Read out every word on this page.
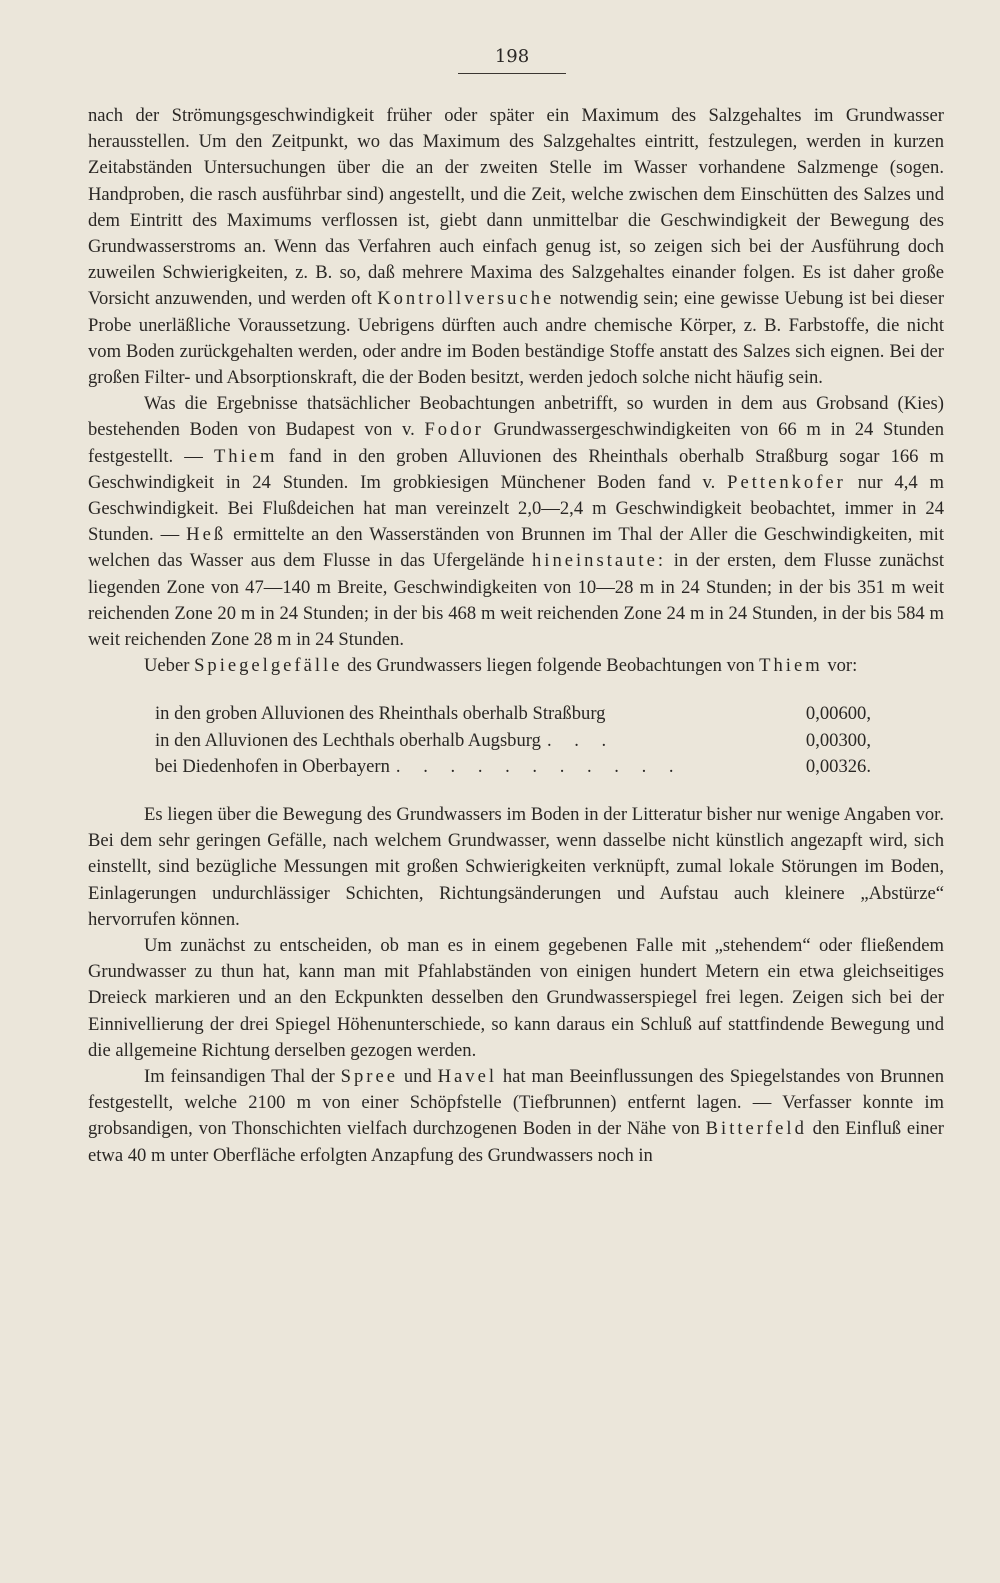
198

nach der Strömungsgeschwindigkeit früher oder später ein Maximum des Salzgehaltes im Grundwasser herausstellen. Um den Zeitpunkt, wo das Maximum des Salzgehaltes eintritt, festzulegen, werden in kurzen Zeitabständen Untersuchungen über die an der zweiten Stelle im Wasser vorhandene Salzmenge (sogen. Handproben, die rasch ausführbar sind) angestellt, und die Zeit, welche zwischen dem Einschütten des Salzes und dem Eintritt des Maximums verflossen ist, giebt dann unmittelbar die Geschwindigkeit der Bewegung des Grundwasserstroms an. Wenn das Verfahren auch einfach genug ist, so zeigen sich bei der Ausführung doch zuweilen Schwierigkeiten, z. B. so, daß mehrere Maxima des Salzgehaltes einander folgen. Es ist daher große Vorsicht anzuwenden, und werden oft Kontrollversuche notwendig sein; eine gewisse Uebung ist bei dieser Probe unerläßliche Voraussetzung. Uebrigens dürften auch andre chemische Körper, z. B. Farbstoffe, die nicht vom Boden zurückgehalten werden, oder andre im Boden beständige Stoffe anstatt des Salzes sich eignen. Bei der großen Filter- und Absorptionskraft, die der Boden besitzt, werden jedoch solche nicht häufig sein.

Was die Ergebnisse thatsächlicher Beobachtungen anbetrifft, so wurden in dem aus Grobsand (Kies) bestehenden Boden von Budapest von v. Fodor Grundwassergeschwindigkeiten von 66 m in 24 Stunden festgestellt. — Thiem fand in den groben Alluvionen des Rheinthals oberhalb Straßburg sogar 166 m Geschwindigkeit in 24 Stunden. Im grobkiesigen Münchener Boden fand v. Pettenkofer nur 4,4 m Geschwindigkeit. Bei Flußdeichen hat man vereinzelt 2,0—2,4 m Geschwindigkeit beobachtet, immer in 24 Stunden. — Heß ermittelte an den Wasserständen von Brunnen im Thal der Aller die Geschwindigkeiten, mit welchen das Wasser aus dem Flusse in das Ufergelände hineinstaute: in der ersten, dem Flusse zunächst liegenden Zone von 47—140 m Breite, Geschwindigkeiten von 10—28 m in 24 Stunden; in der bis 351 m weit reichenden Zone 20 m in 24 Stunden; in der bis 468 m weit reichenden Zone 24 m in 24 Stunden, in der bis 584 m weit reichenden Zone 28 m in 24 Stunden.

Ueber Spiegelgefälle des Grundwassers liegen folgende Beobachtungen von Thiem vor:

in den groben Alluvionen des Rheinthals oberhalb Straßburg	0,00600,
in den Alluvionen des Lechthals oberhalb Augsburg . . .	0,00300,
bei Diedenhofen in Oberbayern . . . . . . . . . . .	0,00326.

Es liegen über die Bewegung des Grundwassers im Boden in der Litteratur bisher nur wenige Angaben vor. Bei dem sehr geringen Gefälle, nach welchem Grundwasser, wenn dasselbe nicht künstlich angezapft wird, sich einstellt, sind bezügliche Messungen mit großen Schwierigkeiten verknüpft, zumal lokale Störungen im Boden, Einlagerungen undurchlässiger Schichten, Richtungsänderungen und Aufstau auch kleinere „Abstürze“ hervorrufen können.

Um zunächst zu entscheiden, ob man es in einem gegebenen Falle mit „stehendem“ oder fließendem Grundwasser zu thun hat, kann man mit Pfahlabständen von einigen hundert Metern ein etwa gleichseitiges Dreieck markieren und an den Eckpunkten desselben den Grundwasserspiegel frei legen. Zeigen sich bei der Einnivellierung der drei Spiegel Höhenunterschiede, so kann daraus ein Schluß auf stattfindende Bewegung und die allgemeine Richtung derselben gezogen werden.

Im feinsandigen Thal der Spree und Havel hat man Beeinflussungen des Spiegelstandes von Brunnen festgestellt, welche 2100 m von einer Schöpfstelle (Tiefbrunnen) entfernt lagen. — Verfasser konnte im grobsandigen, von Thonschichten vielfach durchzogenen Boden in der Nähe von Bitterfeld den Einfluß einer etwa 40 m unter Oberfläche erfolgten Anzapfung des Grundwassers noch in
